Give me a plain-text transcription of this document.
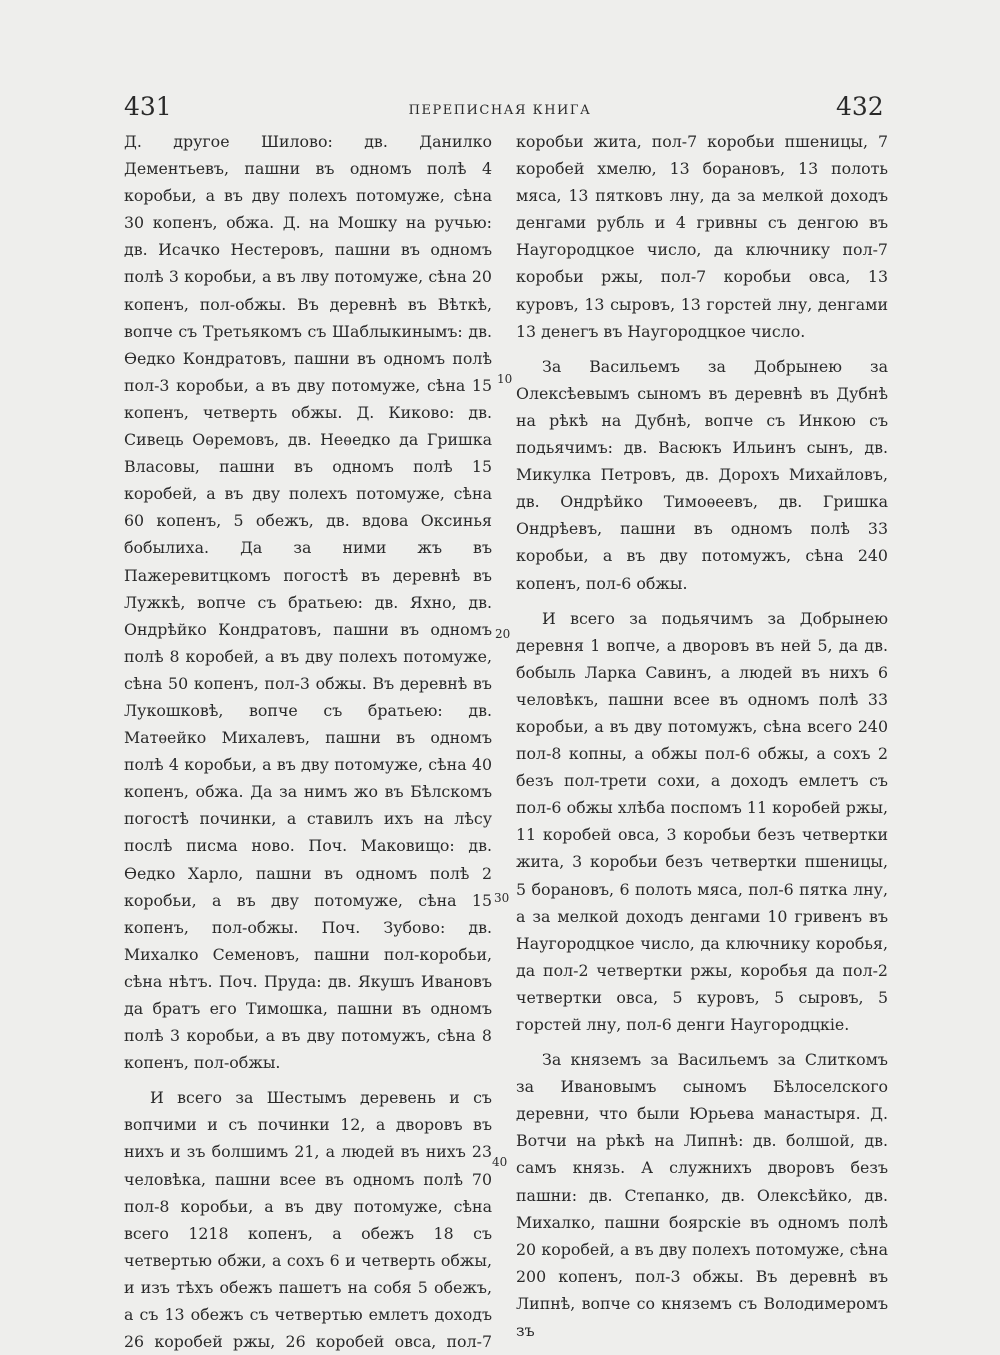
431	ПЕРЕПИСНАЯ КНИГА	432

Д. другое Шилово: дв. Данилко Дементьевъ, пашни въ одномъ полѣ 4 коробьи, а въ дву полехъ потомуже, сѣна 30 копенъ, обжа. Д. на Мошку на ручью: дв. Исачко Нестеровъ, пашни въ одномъ полѣ 3 коробьи, а въ лву потомуже, сѣна 20 копенъ, пол-обжы. Въ деревнѣ въ Вѣткѣ, вопче съ Третьякомъ съ Шаблыкинымъ: дв. Ѳедко Кондратовъ, пашни въ одномъ полѣ пол-3 коробьи, а въ дву потомуже, сѣна 15 копенъ, четверть обжы. Д. Киково: дв. Сивець Оѳремовъ, дв. Неѳедко да Гришка Власовы, пашни въ одномъ полѣ 15 коробей, а въ дву полехъ потомуже, сѣна 60 копенъ, 5 обежъ, дв. вдова Оксинья бобылиха. Да за ними жъ въ Пажеревитцкомъ погостѣ въ деревнѣ въ Лужкѣ, вопче съ братьею: дв. Яхно, дв. Ондрѣйко Кондратовъ, пашни въ одномъ полѣ 8 коробей, а въ дву полехъ потомуже, сѣна 50 копенъ, пол-3 обжы. Въ деревнѣ въ Лукошковѣ, вопче съ братьею: дв. Матѳейко Михалевъ, пашни въ одномъ полѣ 4 коробьи, а въ дву потомуже, сѣна 40 копенъ, обжа. Да за нимъ жо въ Бѣлскомъ погостѣ починки, а ставилъ ихъ на лѣсу послѣ писма ново. Поч. Маковищо: дв. Ѳедко Харло, пашни въ одномъ полѣ 2 коробьи, а въ дву потомуже, сѣна 15 копенъ, пол-обжы. Поч. Зубово: дв. Михалко Семеновъ, пашни пол-коробьи, сѣна нѣтъ. Поч. Пруда: дв. Якушъ Ивановъ да братъ его Тимошка, пашни въ одномъ полѣ 3 коробьи, а въ дву потомужъ, сѣна 8 копенъ, пол-обжы.

И всего за Шестымъ деревень и съ вопчими и съ починки 12, а дворовъ въ нихъ и зъ болшимъ 21, а людей въ нихъ 23 человѣка, пашни всее въ одномъ полѣ 70 пол-8 коробьи, а въ дву потомуже, сѣна всего 1218 копенъ, а обежъ 18 съ четвертью обжи, а сохъ 6 и четверть обжы, и изъ тѣхъ обежъ пашетъ на собя 5 обежъ, а съ 13 обежъ съ четвертью емлетъ доходъ 26 коробей ржы, 26 коробей овса, пол-7

коробьи жита, пол-7 коробьи пшеницы, 7 коробей хмелю, 13 борановъ, 13 полоть мяса, 13 пятковъ лну, да за мелкой доходъ денгами рубль и 4 гривны съ денгою въ Наугородцкое число, да ключнику пол-7 коробьи ржы, пол-7 коробьи овса, 13 куровъ, 13 сыровъ, 13 горстей лну, денгами 13 денегъ въ Наугородцкое число.

За Васильемъ за Добрынею за Олексѣевымъ сыномъ въ деревнѣ въ Дубнѣ на рѣкѣ на Дубнѣ, вопче съ Инкою съ подьячимъ: дв. Васюкъ Ильинъ сынъ, дв. Микулка Петровъ, дв. Дорохъ Михайловъ, дв. Ондрѣйко Тимоѳеевъ, дв. Гришка Ондрѣевъ, пашни въ одномъ полѣ 33 коробьи, а въ дву потомужъ, сѣна 240 копенъ, пол-6 обжы.

И всего за подьячимъ за Добрынею деревня 1 вопче, а дворовъ въ ней 5, да дв. бобыль Ларка Савинъ, а людей въ нихъ 6 человѣкъ, пашни всее въ одномъ полѣ 33 коробьи, а въ дву потомужъ, сѣна всего 240 пол-8 копны, а обжы пол-6 обжы, а сохъ 2 безъ пол-трети сохи, а доходъ емлетъ съ пол-6 обжы хлѣба поспомъ 11 коробей ржы, 11 коробей овса, 3 коробьи безъ четвертки жита, 3 коробьи безъ четвертки пшеницы, 5 борановъ, 6 полоть мяса, пол-6 пятка лну, а за мелкой доходъ денгами 10 гривенъ въ Наугородцкое число, да ключнику коробья, да пол-2 четвертки ржы, коробья да пол-2 четвертки овса, 5 куровъ, 5 сыровъ, 5 горстей лну, пол-6 денги Наугородцкіе.

За княземъ за Васильемъ за Слиткомъ за Ивановымъ сыномъ Бѣлоселского деревни, что были Юрьева манастыря. Д. Вотчи на рѣкѣ на Липнѣ: дв. болшой, дв. самъ князь. А служнихъ дворовъ безъ пашни: дв. Степанко, дв. Олексѣйко, дв. Михалко, пашни боярскіе въ одномъ полѣ 20 коробей, а въ дву полехъ потомуже, сѣна 200 копенъ, пол-3 обжы. Въ деревнѣ въ Липнѣ, вопче со княземъ съ Володимеромъ зъ

10
20
30
40
